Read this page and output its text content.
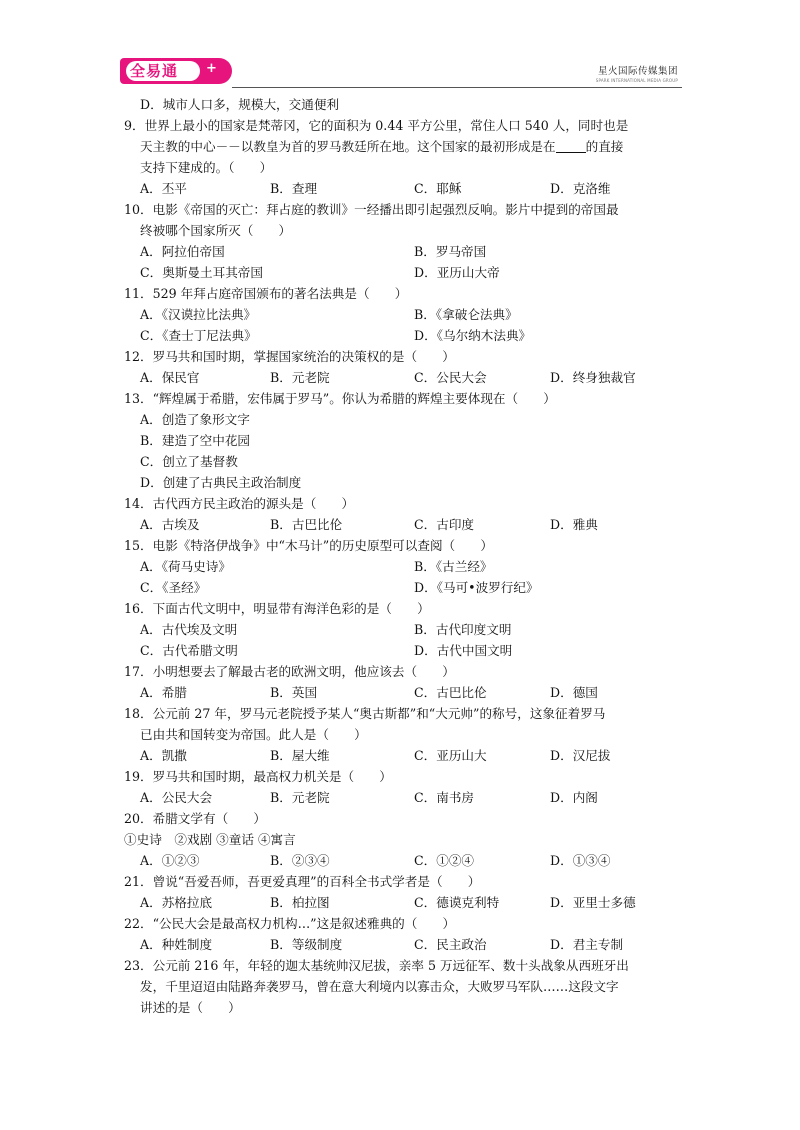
全易通 +	星火国际传媒集团
SPARK INTERNATIONAL MEDIA GROUP
D．城市人口多，规模大，交通便利
9．世界上最小的国家是梵蒂冈，它的面积为 0.44 平方公里，常住人口 540 人，同时也是
天主教的中心－－以教皇为首的罗马教廷所在地。这个国家的最初形成是在 的直接
支持下建成的。（　　）
A．丕平	B．查理	C．耶稣	D．克洛维
10．电影《帝国的灭亡：拜占庭的教训》一经播出即引起强烈反响。影片中提到的帝国最
终被哪个国家所灭（　　）
A．阿拉伯帝国	B．罗马帝国
C．奥斯曼土耳其帝国	D．亚历山大帝
11．529 年拜占庭帝国颁布的著名法典是（　　）
A．《汉谟拉比法典》	B．《拿破仑法典》
C．《查士丁尼法典》	D．《乌尔纳木法典》
12．罗马共和国时期，掌握国家统治的决策权的是（　　）
A．保民官	B．元老院	C．公民大会	D．终身独裁官
13．“辉煌属于希腊，宏伟属于罗马”。你认为希腊的辉煌主要体现在（　　）
A．创造了象形文字
B．建造了空中花园
C．创立了基督教
D．创建了古典民主政治制度
14．古代西方民主政治的源头是（　　）
A．古埃及	B．古巴比伦	C．古印度	D．雅典
15．电影《特洛伊战争》中“木马计”的历史原型可以查阅（　　）
A．《荷马史诗》	B．《古兰经》
C．《圣经》	D．《马可•波罗行纪》
16．下面古代文明中，明显带有海洋色彩的是（　　）
A．古代埃及文明	B．古代印度文明
C．古代希腊文明	D．古代中国文明
17．小明想要去了解最古老的欧洲文明，他应该去（　　）
A．希腊	B．英国	C．古巴比伦	D．德国
18．公元前 27 年，罗马元老院授予某人“奥古斯都”和“大元帅”的称号，这象征着罗马
已由共和国转变为帝国。此人是（　　）
A．凯撒	B．屋大维	C．亚历山大	D．汉尼拔
19．罗马共和国时期，最高权力机关是（　　）
A．公民大会	B．元老院	C．南书房	D．内阁
20．希腊文学有（　　）
①史诗　②戏剧 ③童话 ④寓言
A．①②③	B．②③④	C．①②④	D．①③④
21．曾说“吾爱吾师，吾更爱真理”的百科全书式学者是（　　）
A．苏格拉底	B．柏拉图	C．德谟克利特	D．亚里士多德
22．“公民大会是最高权力机构…”这是叙述雅典的（　　）
A．种姓制度	B．等级制度	C．民主政治	D．君主专制
23．公元前 216 年，年轻的迦太基统帅汉尼拔，亲率 5 万远征军、数十头战象从西班牙出
发，千里迢迢由陆路奔袭罗马，曾在意大利境内以寡击众，大败罗马军队……这段文字
讲述的是（　　）
